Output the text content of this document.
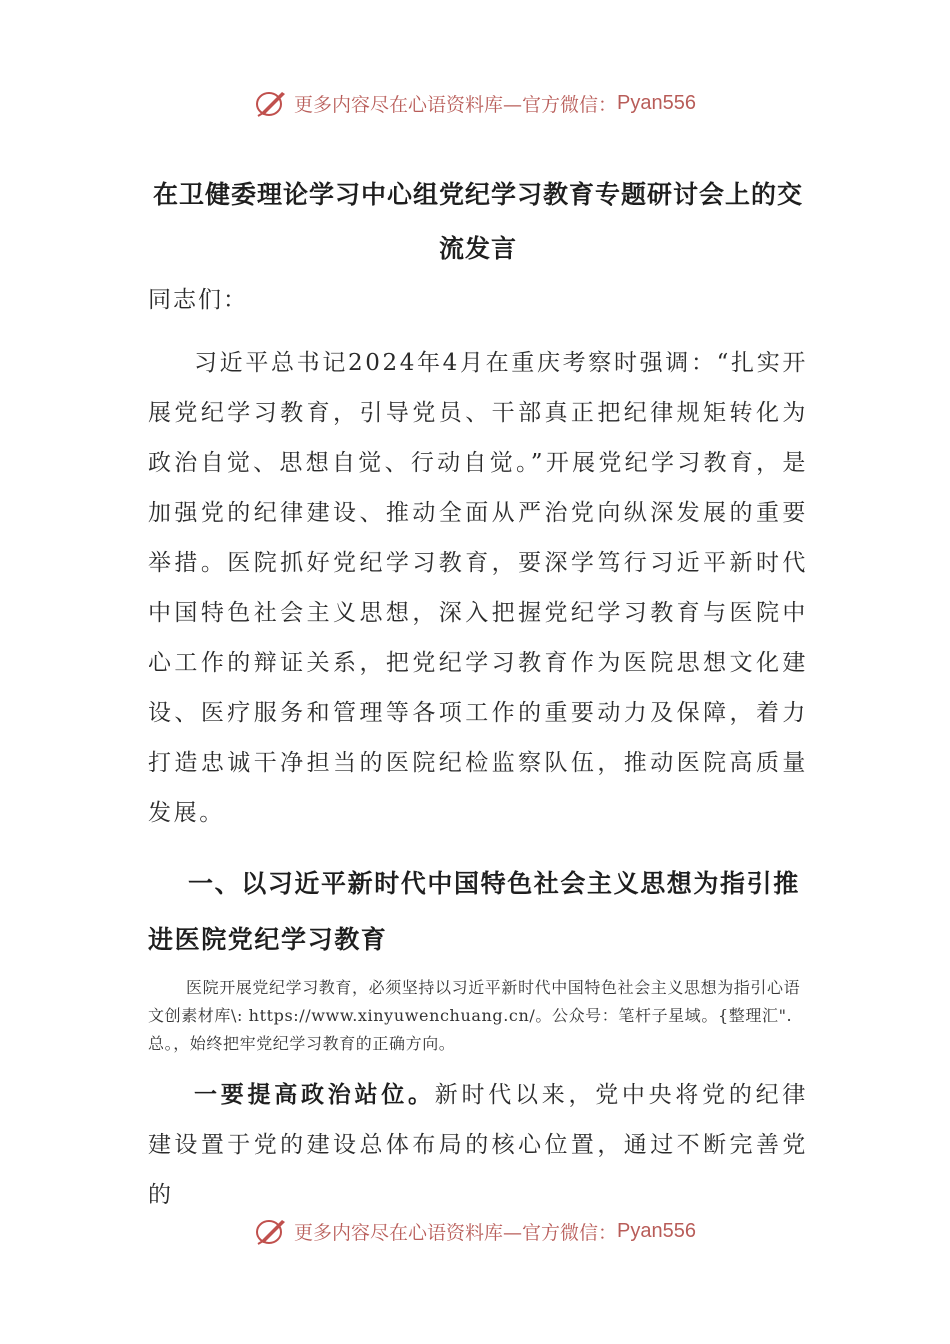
更多内容尽在心语资料库—官方微信： Pyan556
在卫健委理论学习中心组党纪学习教育专题研讨会上的交
流发言

同志们：

习近平总书记2024年4月在重庆考察时强调：“扎实开展党纪学习教育，引导党员、干部真正把纪律规矩转化为政治自觉、思想自觉、行动自觉。”开展党纪学习教育，是加强党的纪律建设、推动全面从严治党向纵深发展的重要举措。医院抓好党纪学习教育，要深学笃行习近平新时代中国特色社会主义思想，深入把握党纪学习教育与医院中心工作的辩证关系，把党纪学习教育作为医院思想文化建设、医疗服务和管理等各项工作的重要动力及保障，着力打造忠诚干净担当的医院纪检监察队伍，推动医院高质量发展。

一、以习近平新时代中国特色社会主义思想为指引推进医院党纪学习教育

医院开展党纪学习教育，必须坚持以习近平新时代中国特色社会主义思想为指引心语文创素材库\: https://www.xinyuwenchuang.cn/。公众号：笔杆子星域。{整理汇".总。，始终把牢党纪学习教育的正确方向。

一要提高政治站位。新时代以来，党中央将党的纪律建设置于党的建设总体布局的核心位置，通过不断完善党的

更多内容尽在心语资料库—官方微信： Pyan556
